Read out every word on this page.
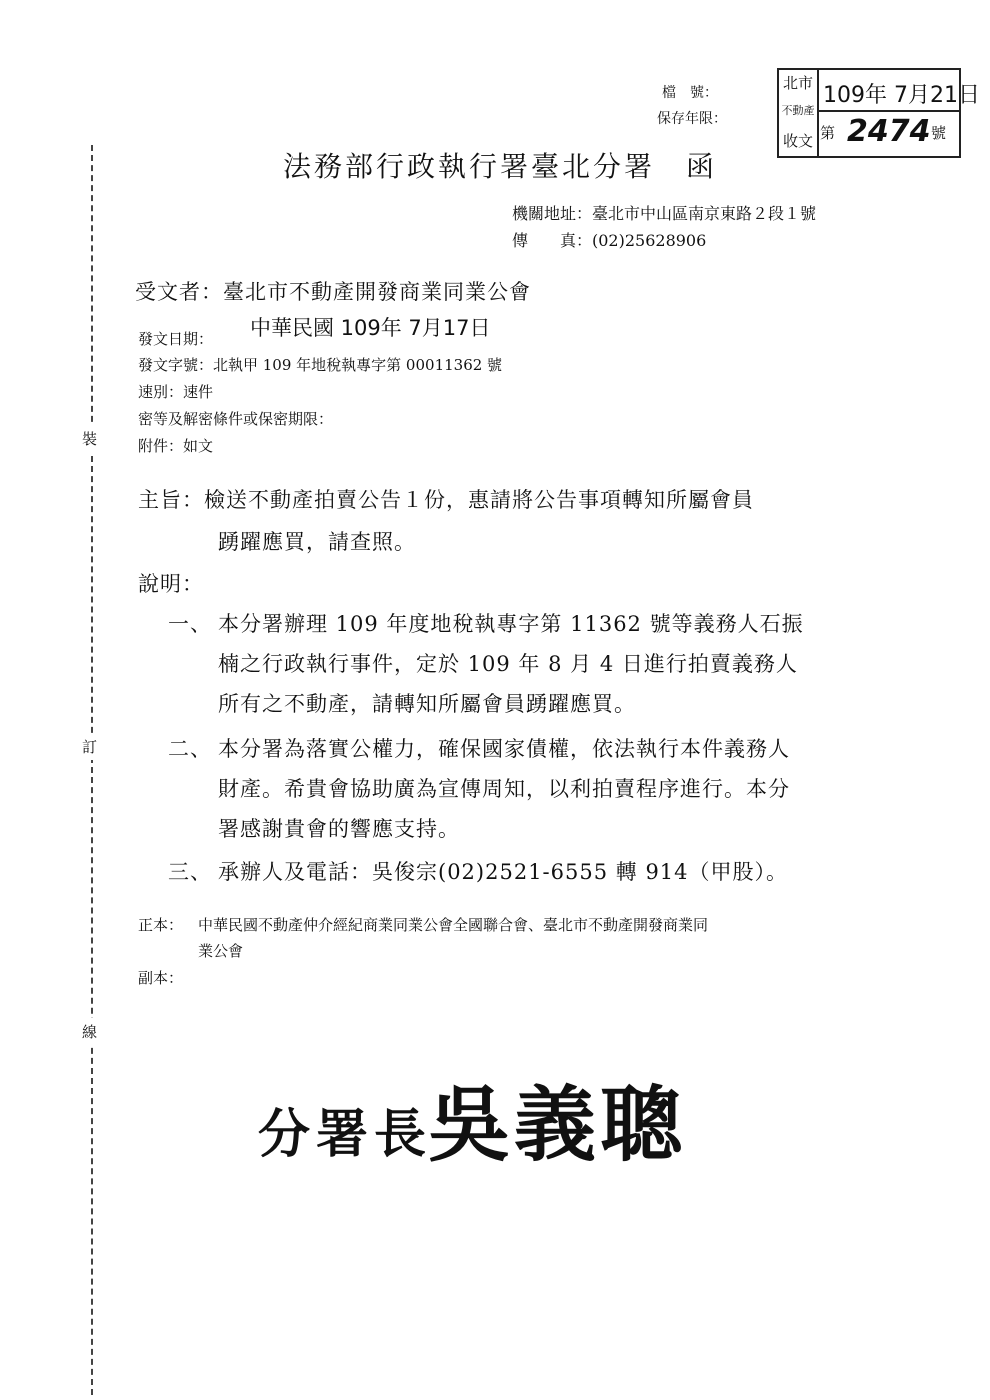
裝
訂
線
檔　號：
保存年限：
北市
不動產
收文
109年 7月21日
第 2474 號
法務部行政執行署臺北分署　函
機關地址：臺北市中山區南京東路２段１號
傳　　真：(02)25628906
受文者：臺北市不動產開發商業同業公會
發文日期： 中華民國 109年 7月17日
發文字號：北執甲 109 年地稅執專字第 00011362 號
速別：速件
密等及解密條件或保密期限：
附件：如文
主旨：檢送不動產拍賣公告１份，惠請將公告事項轉知所屬會員
踴躍應買，請查照。
說明：
一、 本分署辦理 109 年度地稅執專字第 11362 號等義務人石振
楠之行政執行事件，定於 109 年 8 月 4 日進行拍賣義務人
所有之不動產，請轉知所屬會員踴躍應買。
二、 本分署為落實公權力，確保國家債權，依法執行本件義務人
財產。希貴會協助廣為宣傳周知，以利拍賣程序進行。本分
署感謝貴會的響應支持。
三、 承辦人及電話：吳俊宗(02)2521-6555 轉 914（甲股）。
正本： 中華民國不動產仲介經紀商業同業公會全國聯合會、臺北市不動產開發商業同
業公會
副本：
分署長
吳義聰
